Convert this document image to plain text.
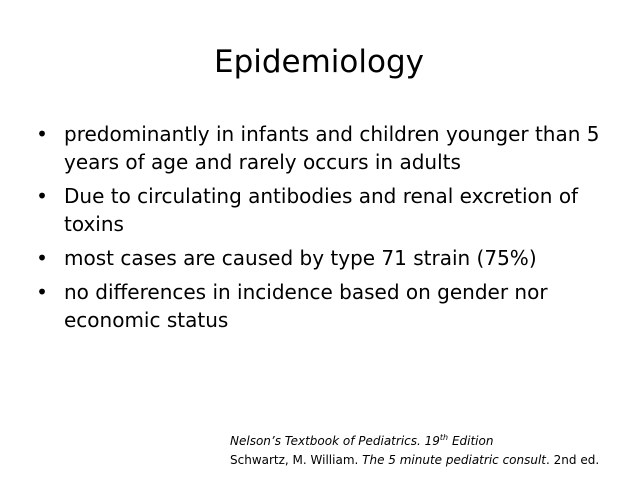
Epidemiology
• predominantly in infants and children younger than 5 years of age and rarely occurs in adults
• Due to circulating antibodies and renal excretion of toxins
• most cases are caused by type 71 strain (75%)
• no differences in incidence based on gender nor economic status
Nelson’s Textbook of Pediatrics. 19th Edition
Schwartz, M. William. The 5 minute pediatric consult. 2nd ed.
